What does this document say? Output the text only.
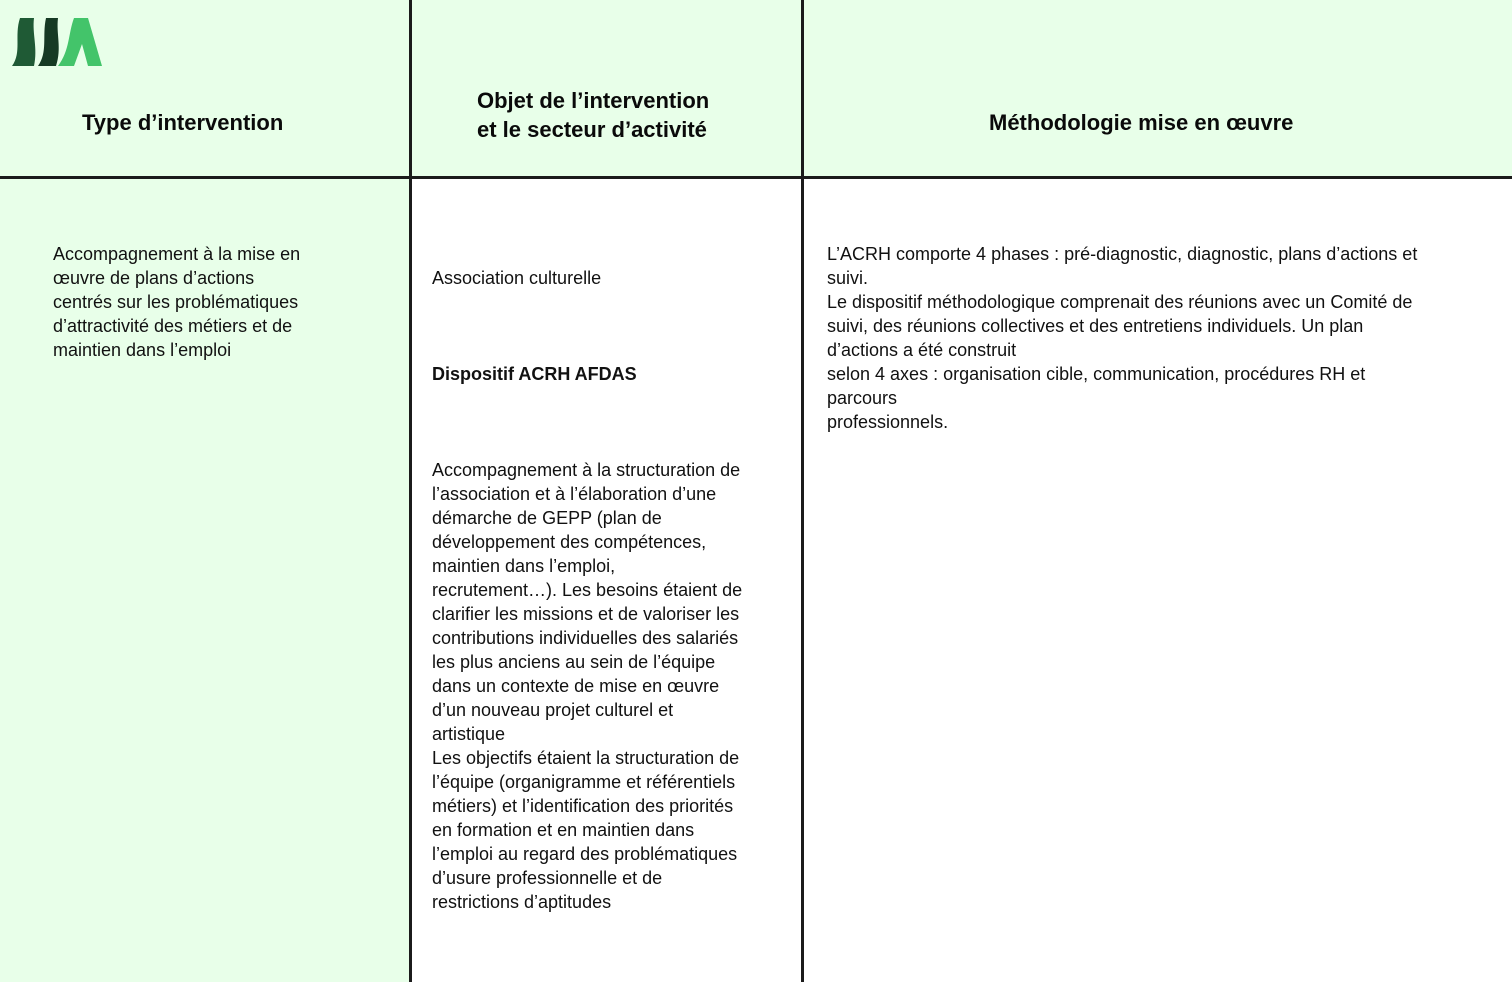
Type d’intervention
Objet de l’intervention
et le secteur d’activité	Méthodologie mise en œuvre
Accompagnement à la mise en
œuvre de plans d’actions
centrés sur les problématiques
d’attractivité des métiers et de
maintien dans l’emploi

Association culturelle

Dispositif ACRH AFDAS

Accompagnement à la structuration de
l’association et à l’élaboration d’une
démarche de GEPP (plan de
développement des compétences,
maintien dans l’emploi,
recrutement…). Les besoins étaient de
clarifier les missions et de valoriser les
contributions individuelles des salariés
les plus anciens au sein de l’équipe
dans un contexte de mise en œuvre
d’un nouveau projet culturel et
artistique
Les objectifs étaient la structuration de
l’équipe (organigramme et référentiels
métiers) et l’identification des priorités
en formation et en maintien dans
l’emploi au regard des problématiques
d’usure professionnelle et de
restrictions d’aptitudes

L’ACRH comporte 4 phases : pré-diagnostic, diagnostic, plans d’actions et
suivi.
Le dispositif méthodologique comprenait des réunions avec un Comité de
suivi, des réunions collectives et des entretiens individuels. Un plan
d’actions a été construit
selon 4 axes : organisation cible, communication, procédures RH et
parcours
professionnels.
